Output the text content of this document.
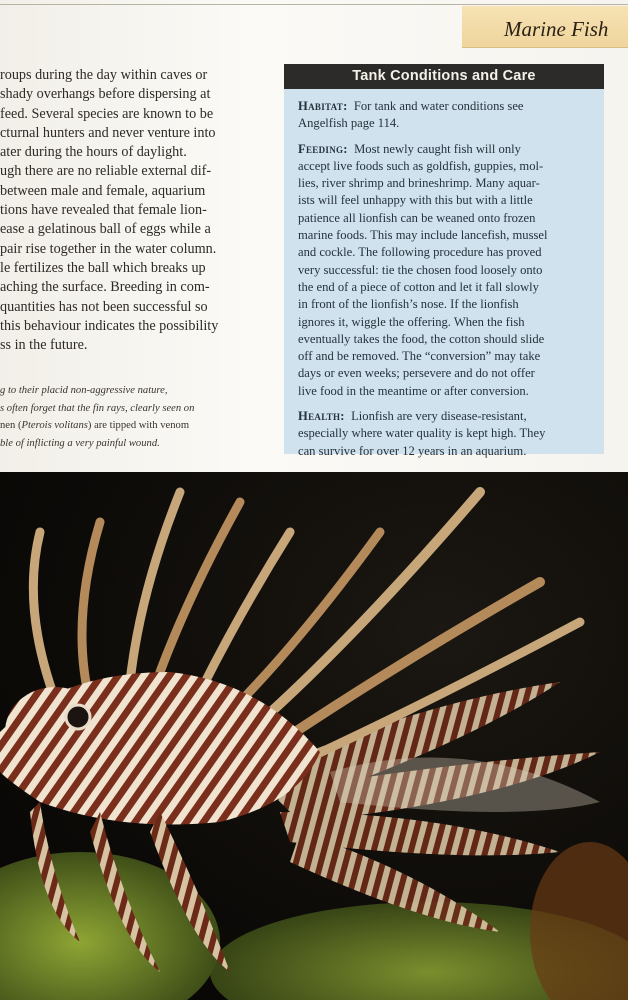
Marine Fish
roups during the day within caves or
shady overhangs before dispersing at
feed. Several species are known to be
cturnal hunters and never venture into
ater during the hours of daylight.
ugh there are no reliable external dif-
between male and female, aquarium
tions have revealed that female lion-
ease a gelatinous ball of eggs while a
pair rise together in the water column.
le fertilizes the ball which breaks up
aching the surface. Breeding in com-
quantities has not been successful so
this behaviour indicates the possibility
ss in the future.
g to their placid non-aggressive nature,
s often forget that the fin rays, clearly seen on
nen (Pterois volitans) are tipped with venom
ble of inflicting a very painful wound.
Tank Conditions and Care
Habitat: For tank and water conditions see
Angelfish page 114.
Feeding: Most newly caught fish will only
accept live foods such as goldfish, guppies, mol-
lies, river shrimp and brineshrimp. Many aquar-
ists will feel unhappy with this but with a little
patience all lionfish can be weaned onto frozen
marine foods. This may include lancefish, mussel
and cockle. The following procedure has proved
very successful: tie the chosen food loosely onto
the end of a piece of cotton and let it fall slowly
in front of the lionfish’s nose. If the lionfish
ignores it, wiggle the offering. When the fish
eventually takes the food, the cotton should slide
off and be removed. The “conversion” may take
days or even weeks; persevere and do not offer
live food in the meantime or after conversion.
Health: Lionfish are very disease-resistant,
especially where water quality is kept high. They
can survive for over 12 years in an aquarium.
